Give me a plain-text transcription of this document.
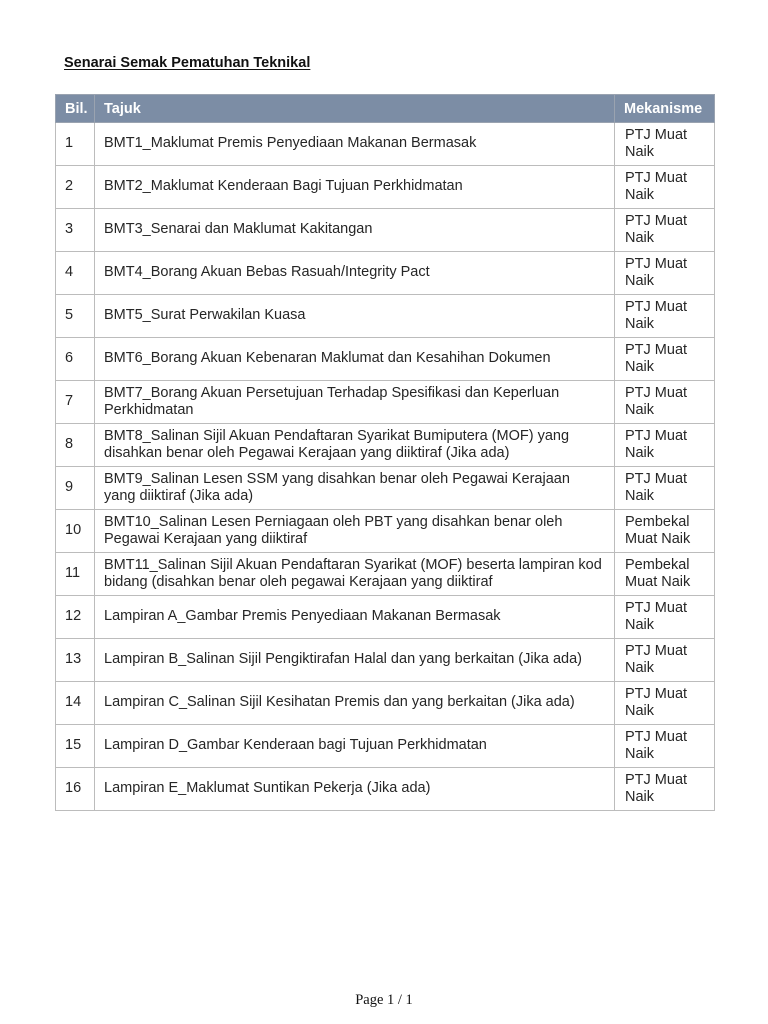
Senarai Semak Pematuhan Teknikal
Bil.	Tajuk	Mekanisme
1	BMT1_Maklumat Premis Penyediaan Makanan Bermasak	PTJ Muat Naik
2	BMT2_Maklumat Kenderaan Bagi Tujuan Perkhidmatan	PTJ Muat Naik
3	BMT3_Senarai dan Maklumat Kakitangan	PTJ Muat Naik
4	BMT4_Borang Akuan Bebas Rasuah/Integrity Pact	PTJ Muat Naik
5	BMT5_Surat Perwakilan Kuasa	PTJ Muat Naik
6	BMT6_Borang Akuan Kebenaran Maklumat dan Kesahihan Dokumen	PTJ Muat Naik
7	BMT7_Borang Akuan Persetujuan Terhadap Spesifikasi dan Keperluan Perkhidmatan	PTJ Muat Naik
8	BMT8_Salinan Sijil Akuan Pendaftaran Syarikat Bumiputera (MOF) yang disahkan benar oleh Pegawai Kerajaan yang diiktiraf (Jika ada)	PTJ Muat Naik
9	BMT9_Salinan Lesen SSM yang disahkan benar oleh Pegawai Kerajaan yang diiktiraf (Jika ada)	PTJ Muat Naik
10	BMT10_Salinan Lesen Perniagaan oleh PBT yang disahkan benar oleh Pegawai Kerajaan yang diiktiraf	Pembekal Muat Naik
11	BMT11_Salinan Sijil Akuan Pendaftaran Syarikat (MOF) beserta lampiran kod bidang (disahkan benar oleh pegawai Kerajaan yang diiktiraf	Pembekal Muat Naik
12	Lampiran A_Gambar Premis Penyediaan Makanan Bermasak	PTJ Muat Naik
13	Lampiran B_Salinan Sijil Pengiktirafan Halal dan yang berkaitan (Jika ada)	PTJ Muat Naik
14	Lampiran C_Salinan Sijil Kesihatan Premis dan yang berkaitan (Jika ada)	PTJ Muat Naik
15	Lampiran D_Gambar Kenderaan bagi Tujuan Perkhidmatan	PTJ Muat Naik
16	Lampiran E_Maklumat Suntikan Pekerja (Jika ada)	PTJ Muat Naik
Page 1 / 1
